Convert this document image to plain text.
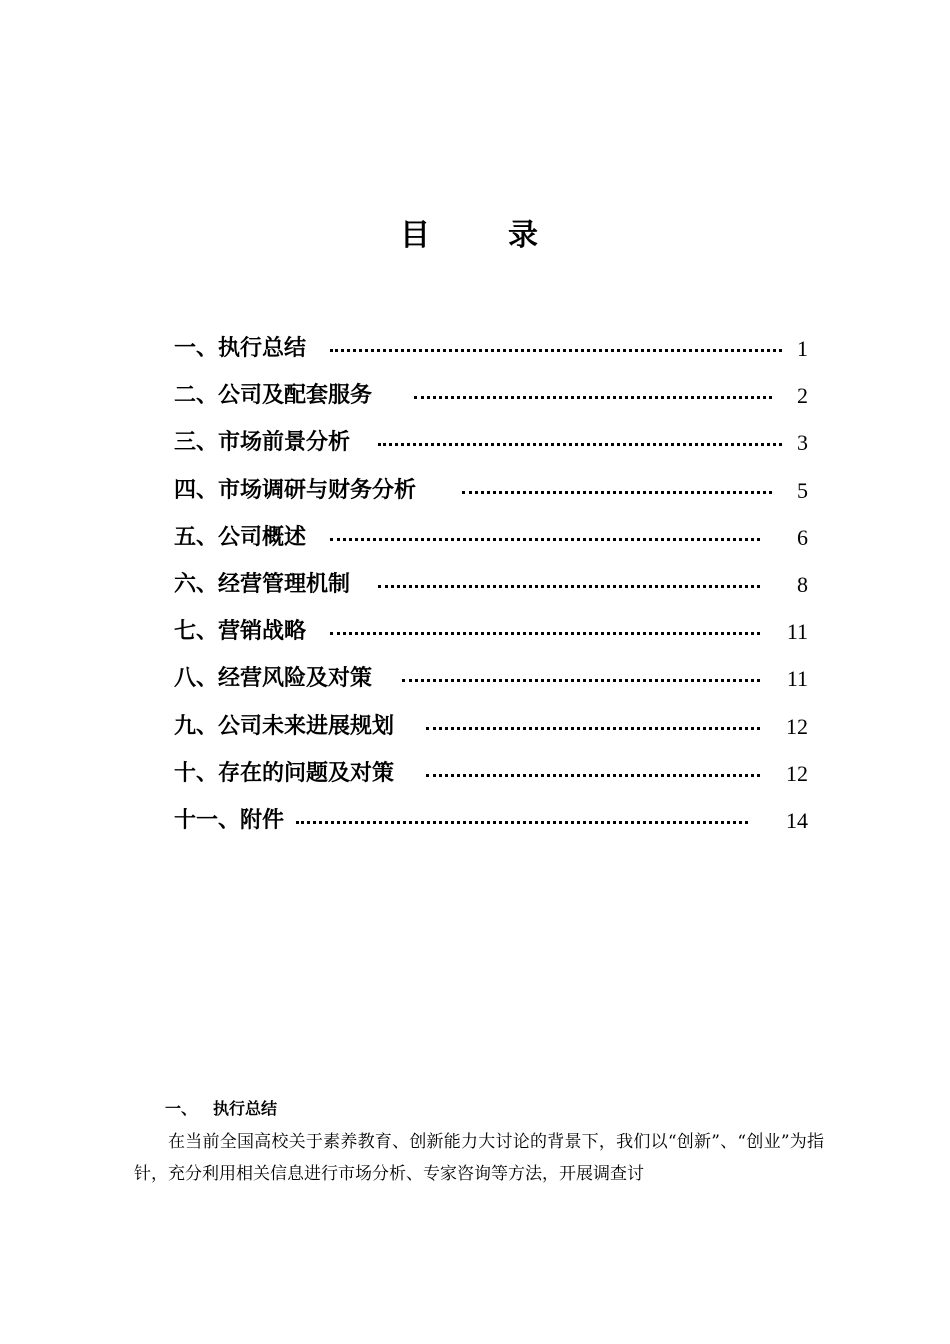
目　录
一、执行总结	1
二、公司及配套服务	2
三、市场前景分析	3
四、市场调研与财务分析	5
五、公司概述	6
六、经营管理机制	8
七、营销战略	11
八、经营风险及对策	11
九、公司未来进展规划	12
十、存在的问题及对策	12
十一、附件	14
一、 执行总结
在当前全国高校关于素养教育、创新能力大讨论的背景下，我们以“创新”、“创业”为指针，充分利用相关信息进行市场分析、专家咨询等方法，开展调查讨
